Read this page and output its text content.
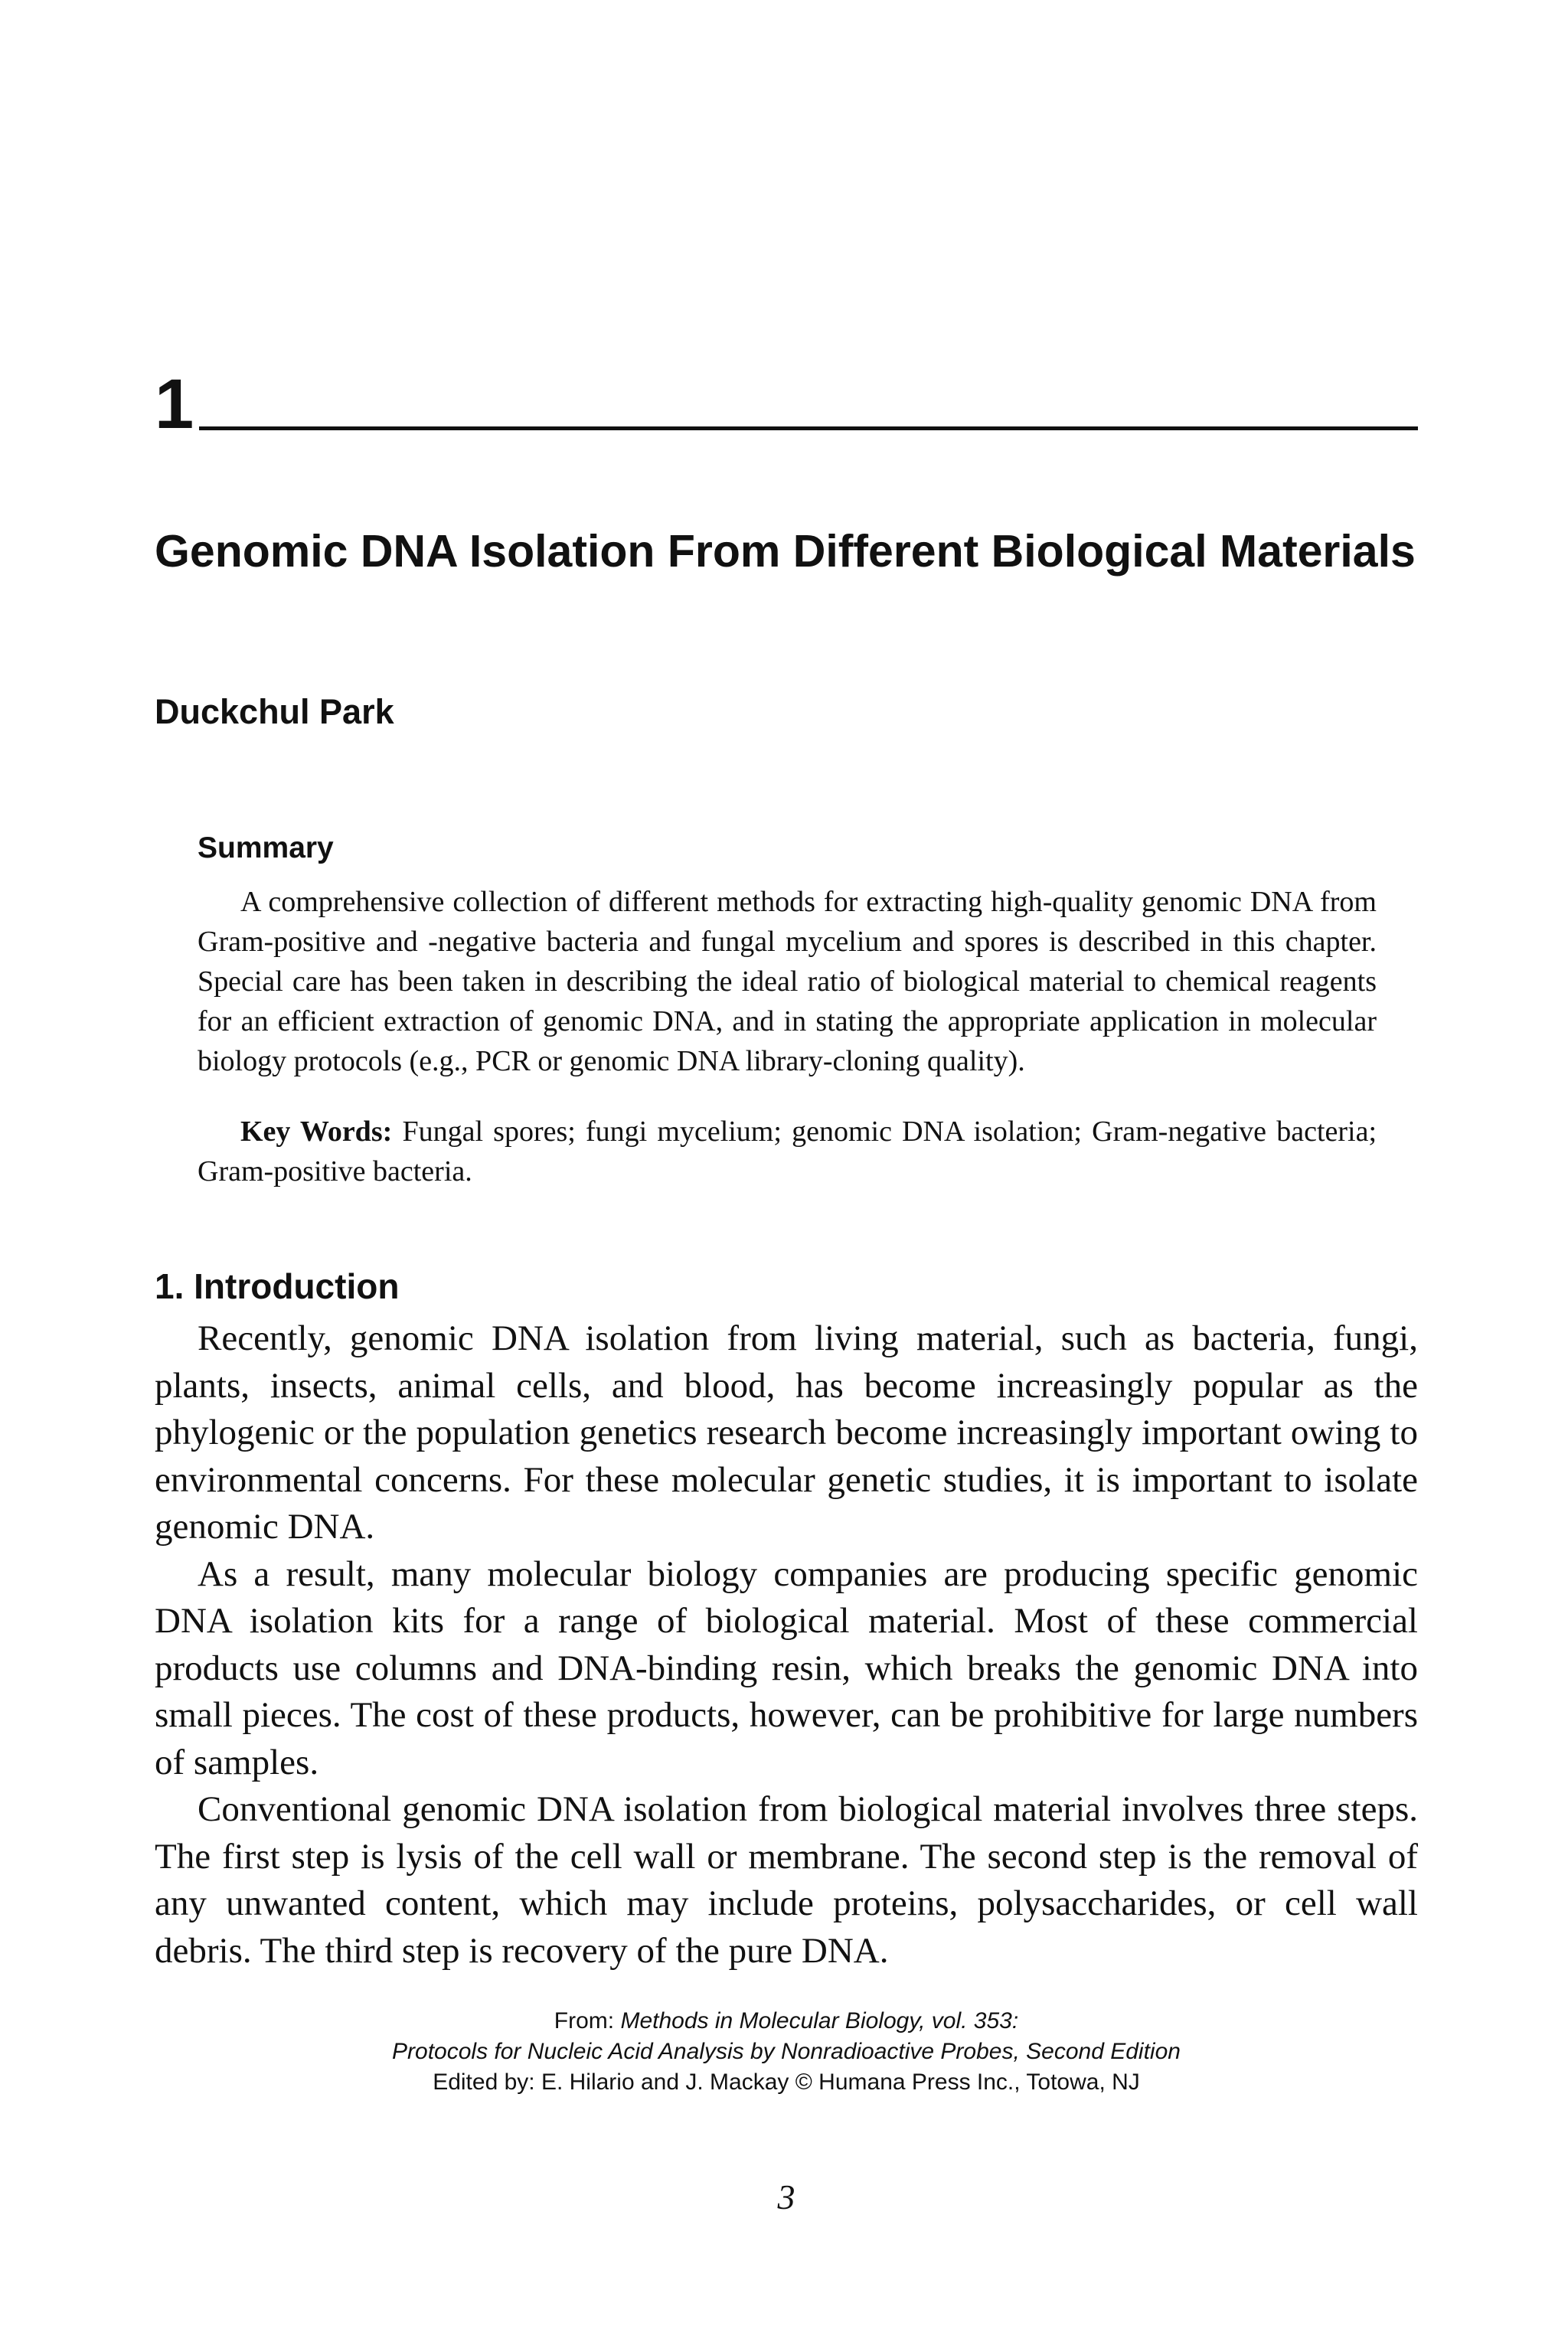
1
Genomic DNA Isolation From Different Biological Materials

Duckchul Park

Summary

A comprehensive collection of different methods for extracting high-quality genomic DNA from Gram-positive and -negative bacteria and fungal mycelium and spores is described in this chapter. Special care has been taken in describing the ideal ratio of biological material to chemical reagents for an efficient extraction of genomic DNA, and in stating the appropriate application in molecular biology protocols (e.g., PCR or genomic DNA library-cloning quality).

Key Words: Fungal spores; fungi mycelium; genomic DNA isolation; Gram-negative bacteria; Gram-positive bacteria.

1. Introduction

Recently, genomic DNA isolation from living material, such as bacteria, fungi, plants, insects, animal cells, and blood, has become increasingly popular as the phylogenic or the population genetics research become increasingly important owing to environmental concerns. For these molecular genetic studies, it is important to isolate genomic DNA.

As a result, many molecular biology companies are producing specific genomic DNA isolation kits for a range of biological material. Most of these commercial products use columns and DNA-binding resin, which breaks the genomic DNA into small pieces. The cost of these products, however, can be prohibitive for large numbers of samples.

Conventional genomic DNA isolation from biological material involves three steps. The first step is lysis of the cell wall or membrane. The second step is the removal of any unwanted content, which may include proteins, polysaccharides, or cell wall debris. The third step is recovery of the pure DNA.

From: Methods in Molecular Biology, vol. 353:
Protocols for Nucleic Acid Analysis by Nonradioactive Probes, Second Edition
Edited by: E. Hilario and J. Mackay © Humana Press Inc., Totowa, NJ
3
